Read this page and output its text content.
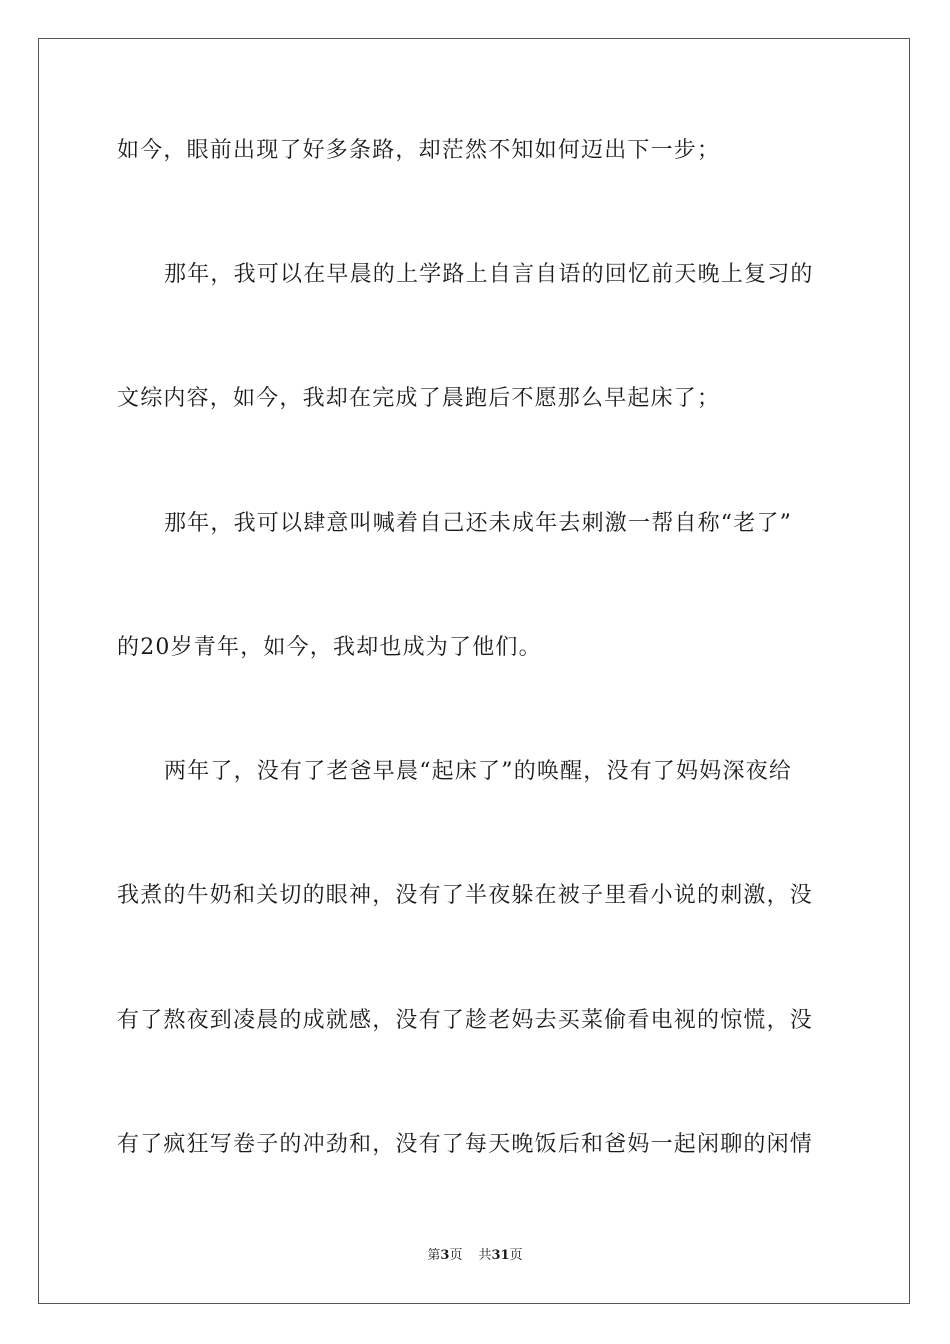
如今，眼前出现了好多条路，却茫然不知如何迈出下一步；
那年，我可以在早晨的上学路上自言自语的回忆前天晚上复习的
文综内容，如今，我却在完成了晨跑后不愿那么早起床了；
那年，我可以肆意叫喊着自己还未成年去刺激一帮自称“老了”
的20岁青年，如今，我却也成为了他们。
两年了，没有了老爸早晨“起床了”的唤醒，没有了妈妈深夜给
我煮的牛奶和关切的眼神，没有了半夜躲在被子里看小说的刺激，没
有了熬夜到凌晨的成就感，没有了趁老妈去买菜偷看电视的惊慌，没
有了疯狂写卷子的冲劲和，没有了每天晚饭后和爸妈一起闲聊的闲情
第3页 共31页
